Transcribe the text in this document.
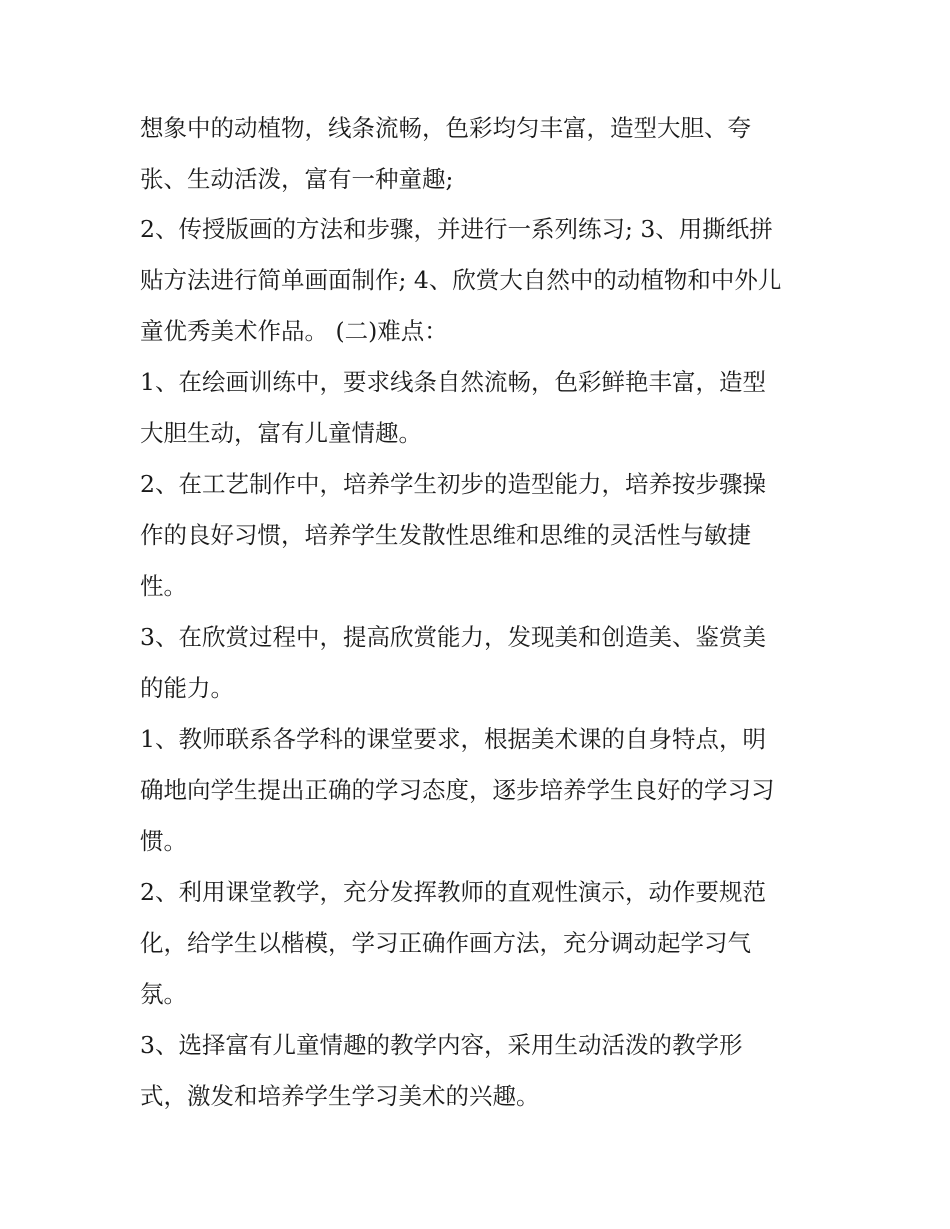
想象中的动植物，线条流畅，色彩均匀丰富，造型大胆、夸
张、生动活泼，富有一种童趣;
2、传授版画的方法和步骤，并进行一系列练习; 3、用撕纸拼
贴方法进行简单画面制作; 4、欣赏大自然中的动植物和中外儿
童优秀美术作品。 (二)难点：
1、在绘画训练中，要求线条自然流畅，色彩鲜艳丰富，造型
大胆生动，富有儿童情趣。
2、在工艺制作中，培养学生初步的造型能力，培养按步骤操
作的良好习惯，培养学生发散性思维和思维的灵活性与敏捷
性。
3、在欣赏过程中，提高欣赏能力，发现美和创造美、鉴赏美
的能力。
1、教师联系各学科的课堂要求，根据美术课的自身特点，明
确地向学生提出正确的学习态度，逐步培养学生良好的学习习
惯。
2、利用课堂教学，充分发挥教师的直观性演示，动作要规范
化，给学生以楷模，学习正确作画方法，充分调动起学习气
氛。
3、选择富有儿童情趣的教学内容，采用生动活泼的教学形
式，激发和培养学生学习美术的兴趣。
